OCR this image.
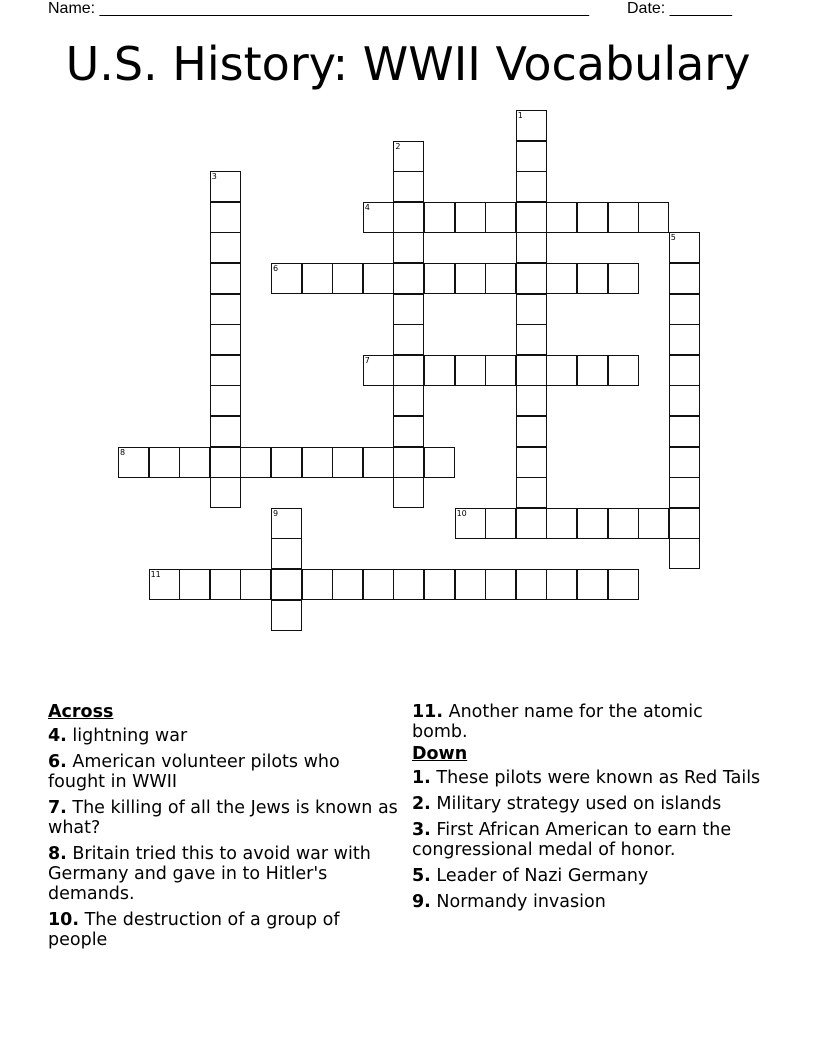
Name: _______________________________________________________ Date: _______
U.S. History: WWII Vocabulary
1
2
3
4
5
6
7
8
9	10
11
Across
4. lightning war
6. American volunteer pilots who fought in WWII
7. The killing of all the Jews is known as what?
8. Britain tried this to avoid war with Germany and gave in to Hitler's demands.
10. The destruction of a group of people
11. Another name for the atomic bomb.
Down
1. These pilots were known as Red Tails
2. Military strategy used on islands
3. First African American to earn the congressional medal of honor.
5. Leader of Nazi Germany
9. Normandy invasion
